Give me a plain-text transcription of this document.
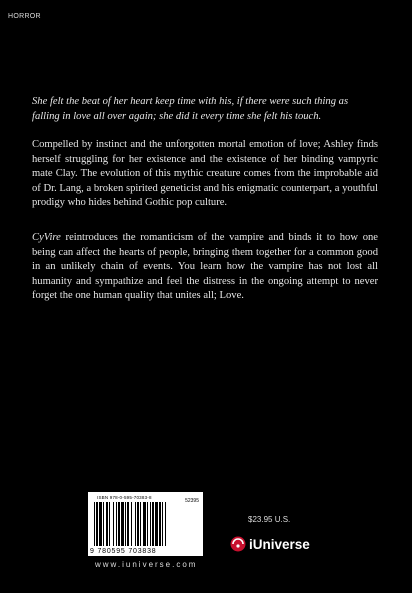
HORROR
She felt the beat of her heart keep time with his, if there were such thing as falling in love all over again; she did it every time she felt his touch.
Compelled by instinct and the unforgotten mortal emotion of love; Ashley finds herself struggling for her existence and the existence of her binding vampyric mate Clay. The evolution of this mythic creature comes from the improbable aid of Dr. Lang, a broken spirited geneticist and his enigmatic counterpart, a youthful prodigy who hides behind Gothic pop culture.
CyVire reintroduces the romanticism of the vampire and binds it to how one being can affect the hearts of people, bringing them together for a common good in an unlikely chain of events. You learn how the vampire has not lost all humanity and sympathize and feel the distress in the ongoing attempt to never forget the one human quality that unites all; Love.
ISBN 978-0-595-70383-8
52395
9 780595 703838
www.iuniverse.com
$23.95 U.S.
iUniverse
